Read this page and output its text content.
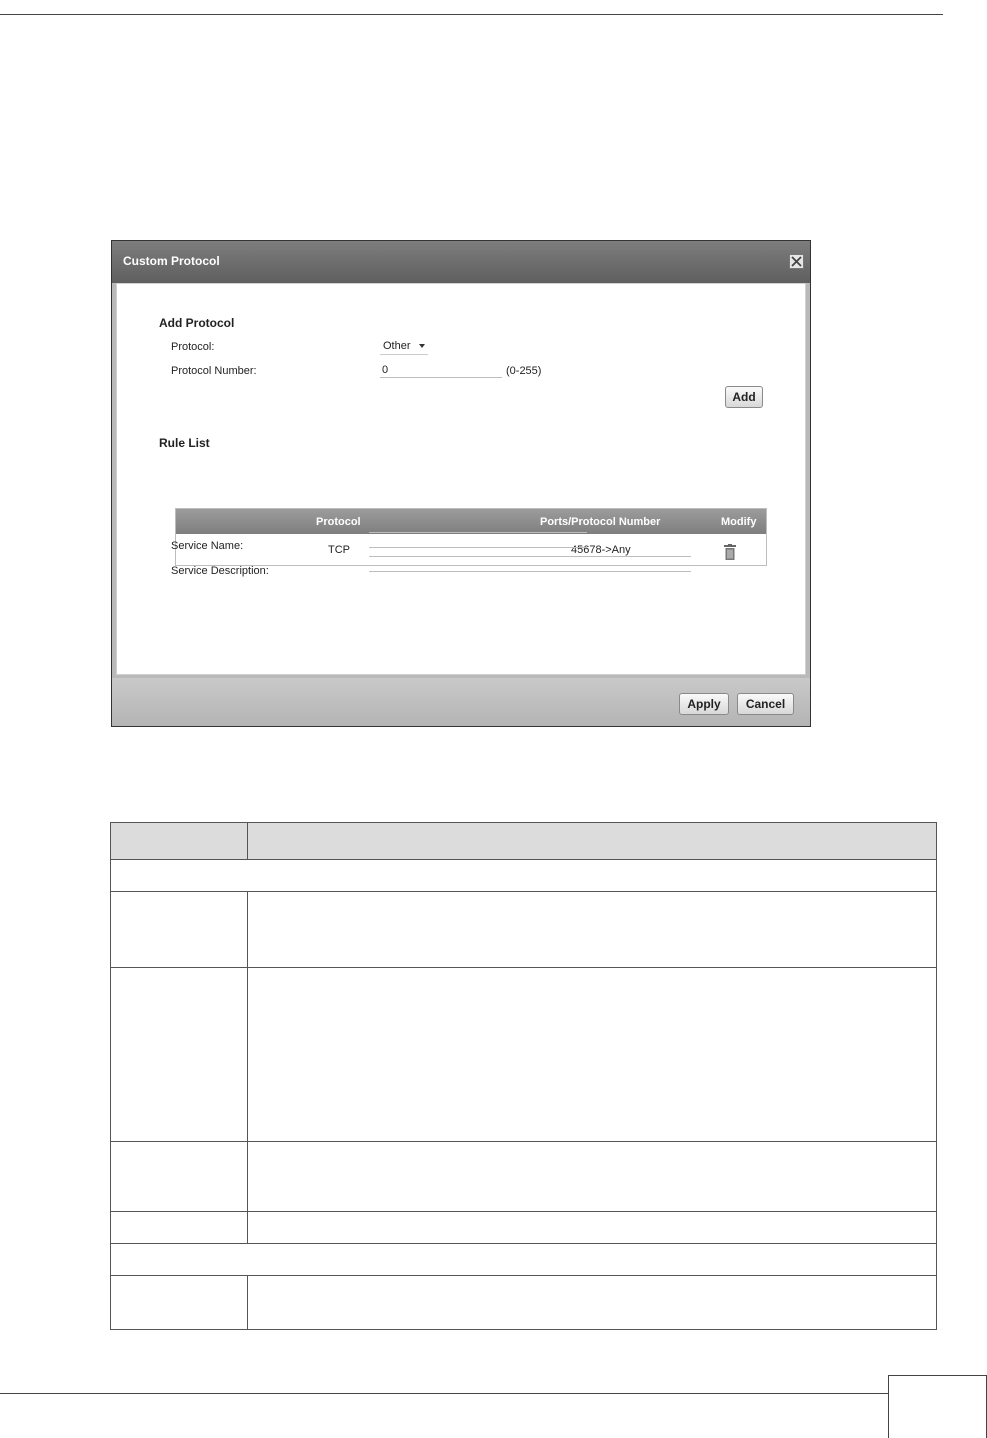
Custom Protocol
Add Protocol
Protocol:	Other
Protocol Number:	0	(0-255)
Add
Rule List
Protocol	Ports/Protocol Number	Modify
TCP	45678->Any
Service Name:
Service Description:
Apply	Cancel
